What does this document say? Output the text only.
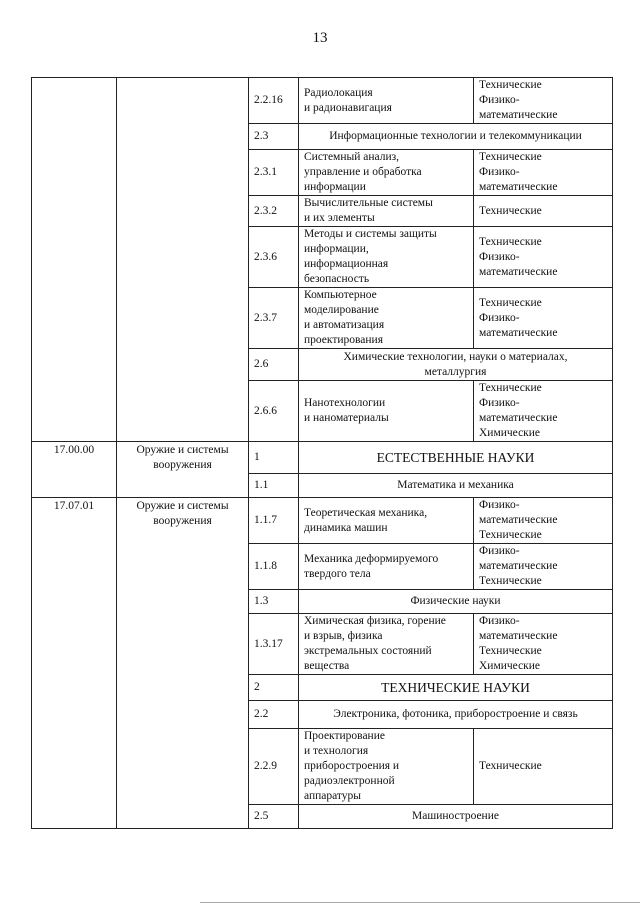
13
		2.2.16	Радиолокация
и радионавигация	Технические
Физико-
математические

		2.3	Информационные технологии и телекоммуникации	

		2.3.1	Системный анализ,
управление и обработка
информации	Технические
Физико-
математические

		2.3.2	Вычислительные системы
и их элементы	Технические

		2.3.6	Методы и системы защиты
информации,
информационная
безопасность	Технические
Физико-
математические

		2.3.7	Компьютерное
моделирование
и автоматизация
проектирования	Технические
Физико-
математические

		2.6	Химические технологии, науки о материалах,
металлургия	

		2.6.6	Нанотехнологии
и наноматериалы	Технические
Физико-
математические
Химические

17.00.00	Оружие и системы
вооружения	1	ЕСТЕСТВЕННЫЕ НАУКИ	

		1.1	Математика и механика	

17.07.01	Оружие и системы
вооружения	1.1.7	Теоретическая механика,
динамика машин	Физико-
математические
Технические

		1.1.8	Механика деформируемого
твердого тела	Физико-
математические
Технические

		1.3	Физические науки	

		1.3.17	Химическая физика, горение
и взрыв, физика
экстремальных состояний
вещества	Физико-
математические
Технические
Химические

		2	ТЕХНИЧЕСКИЕ НАУКИ	

		2.2	Электроника, фотоника, приборостроение и связь	

		2.2.9	Проектирование
и технология
приборостроения и
радиоэлектронной
аппаратуры	Технические

		2.5	Машиностроение	
